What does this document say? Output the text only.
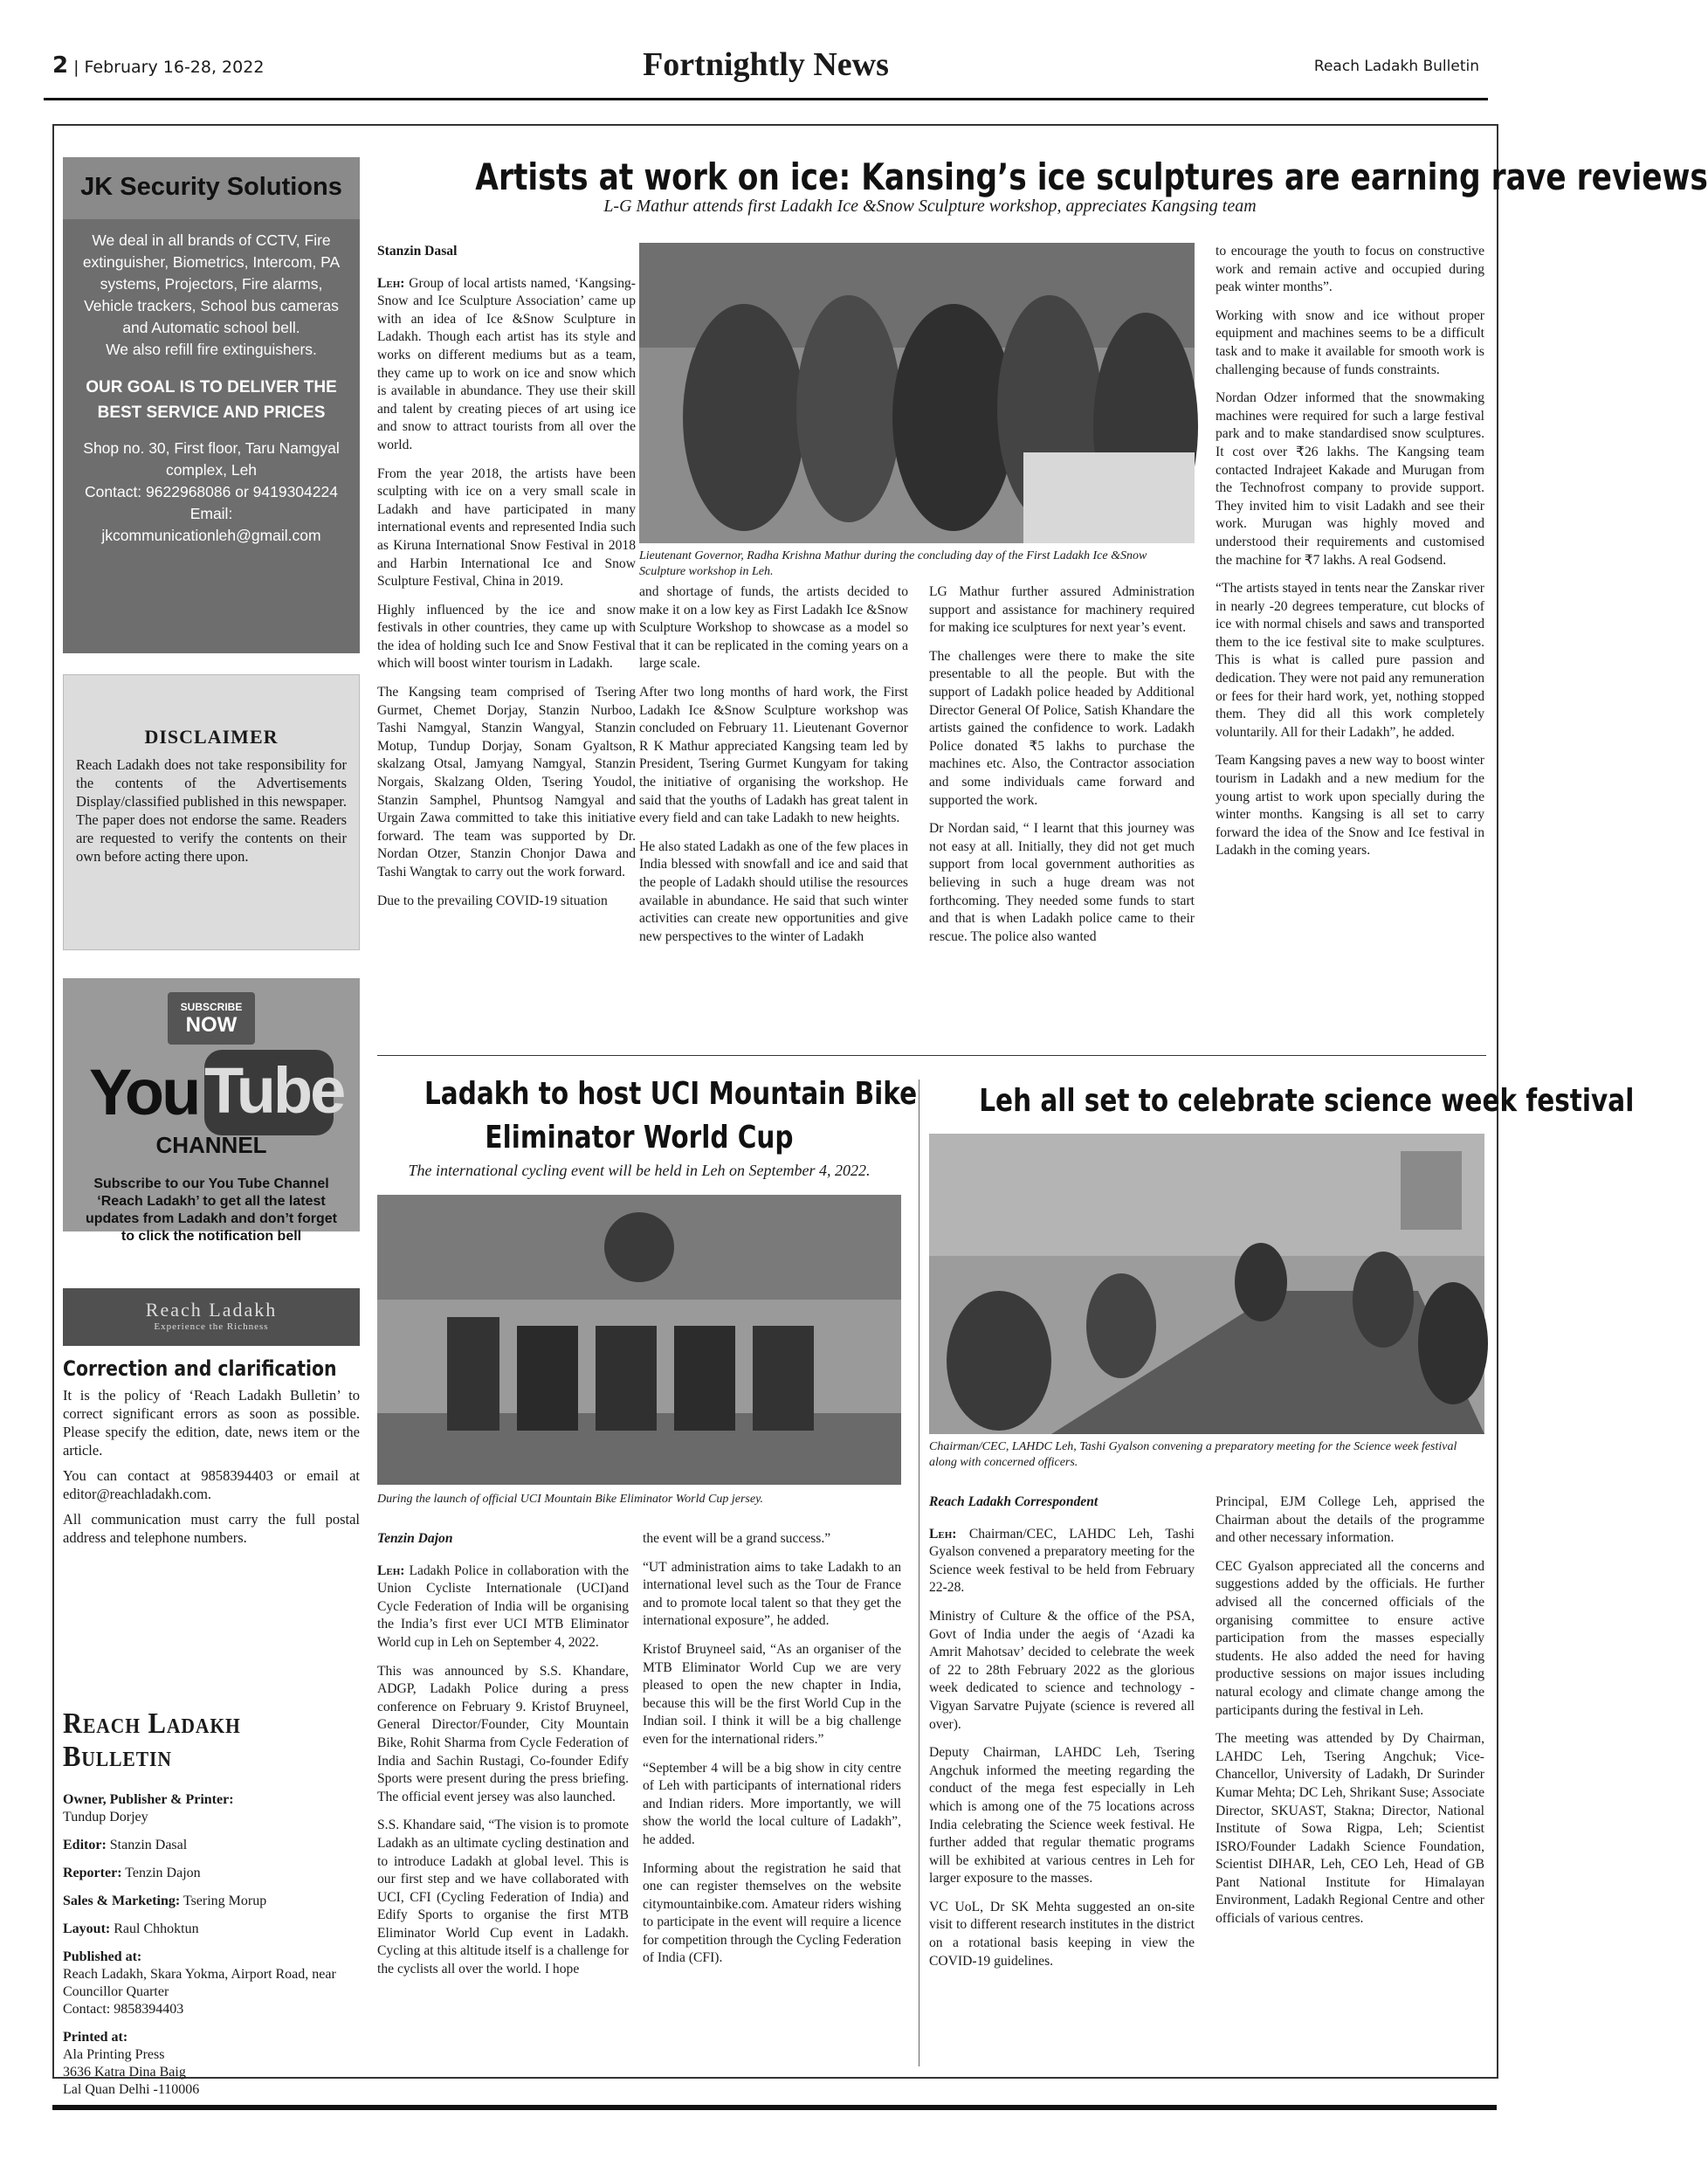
2 | February 16-28, 2022	Fortnightly News	Reach Ladakh Bulletin
JK Security Solutions

We deal in all brands of CCTV, Fire extinguisher, Biometrics, Intercom, PA systems, Projectors, Fire alarms, Vehicle trackers, School bus cameras and Automatic school bell.

We also refill fire extinguishers.

OUR GOAL IS TO DELIVER THE BEST SERVICE AND PRICES

Shop no. 30, First floor, Taru Namgyal complex, Leh

Contact: 9622968086 or 9419304224

Email:

jkcommunicationleh@gmail.com

DISCLAIMER

Reach Ladakh does not take responsibility for the contents of the Advertisements Display/classified published in this newspaper. The paper does not endorse the same. Readers are requested to verify the contents on their own before acting there upon.

SUBSCRIBE
NOW
You Tube
CHANNEL
Subscribe to our You Tube Channel ‘Reach Ladakh’ to get all the latest updates from Ladakh and don’t forget to click the notification bell
Reach Ladakh
Experience the Richness
Correction and clarification

It is the policy of ‘Reach Ladakh Bulletin’ to correct significant errors as soon as possible. Please specify the edition, date, news item or the article.

You can contact at 9858394403 or email at editor@reachladakh.com.

All communication must carry the full postal address and telephone numbers.

Reach Ladakh Bulletin

Owner, Publisher & Printer:

Tundup Dorjey

Editor: Stanzin Dasal

Reporter: Tenzin Dajon

Sales & Marketing: Tsering Morup

Layout: Raul Chhoktun

Published at:

Reach Ladakh, Skara Yokma, Airport Road, near Councillor Quarter

Contact: 9858394403

Printed at:

Ala Printing Press

3636 Katra Dina Baig

Lal Quan Delhi -110006

Artists at work on ice: Kansing’s ice sculptures are earning rave reviews
L-G Mathur attends first Ladakh Ice &Snow Sculpture workshop, appreciates Kangsing team

Stanzin Dasal

Leh: Group of local artists named, ‘Kangsing-Snow and Ice Sculpture Association’ came up with an idea of Ice &Snow Sculpture in Ladakh. Though each artist has its style and works on different mediums but as a team, they came up to work on ice and snow which is available in abundance. They use their skill and talent by creating pieces of art using ice and snow to attract tourists from all over the world.

From the year 2018, the artists have been sculpting with ice on a very small scale in Ladakh and have participated in many international events and represented India such as Kiruna International Snow Festival in 2018 and Harbin International Ice and Snow Sculpture Festival, China in 2019.

Highly influenced by the ice and snow festivals in other countries, they came up with the idea of holding such Ice and Snow Festival which will boost winter tourism in Ladakh.

The Kangsing team comprised of Tsering Gurmet, Chemet Dorjay, Stanzin Nurboo, Tashi Namgyal, Stanzin Wangyal, Stanzin Motup, Tundup Dorjay, Sonam Gyaltson, skalzang Otsal, Jamyang Namgyal, Stanzin Norgais, Skalzang Olden, Tsering Youdol, Stanzin Samphel, Phuntsog Namgyal and Urgain Zawa committed to take this initiative forward. The team was supported by Dr. Nordan Otzer, Stanzin Chonjor Dawa and Tashi Wangtak to carry out the work forward.

Due to the prevailing COVID-19 situation

Lieutenant Governor, Radha Krishna Mathur during the concluding day of the First Ladakh Ice &Snow Sculpture workshop in Leh.

and shortage of funds, the artists decided to make it on a low key as First Ladakh Ice &Snow Sculpture Workshop to showcase as a model so that it can be replicated in the coming years on a large scale.

After two long months of hard work, the First Ladakh Ice &Snow Sculpture workshop was concluded on February 11. Lieutenant Governor R K Mathur appreciated Kangsing team led by President, Tsering Gurmet Kungyam for taking the initiative of organising the workshop. He said that the youths of Ladakh has great talent in every field and can take Ladakh to new heights.

He also stated Ladakh as one of the few places in India blessed with snowfall and ice and said that the people of Ladakh should utilise the resources available in abundance. He said that such winter activities can create new opportunities and give new perspectives to the winter of Ladakh

LG Mathur further assured Administration support and assistance for machinery required for making ice sculptures for next year’s event.

The challenges were there to make the site presentable to all the people. But with the support of Ladakh police headed by Additional Director General Of Police, Satish Khandare the artists gained the confidence to work. Ladakh Police donated ₹5 lakhs to purchase the machines etc. Also, the Contractor association and some individuals came forward and supported the work.

Dr Nordan said, “ I learnt that this journey was not easy at all. Initially, they did not get much support from local government authorities as believing in such a huge dream was not forthcoming. They needed some funds to start and that is when Ladakh police came to their rescue. The police also wanted

to encourage the youth to focus on constructive work and remain active and occupied during peak winter months”.

Working with snow and ice without proper equipment and machines seems to be a difficult task and to make it available for smooth work is challenging because of funds constraints.

Nordan Odzer informed that the snowmaking machines were required for such a large festival park and to make standardised snow sculptures. It cost over ₹26 lakhs. The Kangsing team contacted Indrajeet Kakade and Murugan from the Technofrost company to provide support. They invited him to visit Ladakh and see their work. Murugan was highly moved and understood their requirements and customised the machine for ₹7 lakhs. A real Godsend.

“The artists stayed in tents near the Zanskar river in nearly -20 degrees temperature, cut blocks of ice with normal chisels and saws and transported them to the ice festival site to make sculptures. This is what is called pure passion and dedication. They were not paid any remuneration or fees for their hard work, yet, nothing stopped them. They did all this work completely voluntarily. All for their Ladakh”, he added.

Team Kangsing paves a new way to boost winter tourism in Ladakh and a new medium for the young artist to work upon specially during the winter months. Kangsing is all set to carry forward the idea of the Snow and Ice festival in Ladakh in the coming years.

Ladakh to host UCI Mountain Bike
Eliminator World Cup
The international cycling event will be held in Leh on September 4, 2022.
During the launch of official UCI Mountain Bike Eliminator World Cup jersey.

Tenzin Dajon

Leh: Ladakh Police in collaboration with the Union Cycliste Internationale (UCI)and Cycle Federation of India will be organising the India’s first ever UCI MTB Eliminator World cup in Leh on September 4, 2022.

This was announced by S.S. Khandare, ADGP, Ladakh Police during a press conference on February 9. Kristof Bruyneel, General Director/Founder, City Mountain Bike, Rohit Sharma from Cycle Federation of India and Sachin Rustagi, Co-founder Edify Sports were present during the press briefing. The official event jersey was also launched.

S.S. Khandare said, “The vision is to promote Ladakh as an ultimate cycling destination and to introduce Ladakh at global level. This is our first step and we have collaborated with UCI, CFI (Cycling Federation of India) and Edify Sports to organise the first MTB Eliminator World Cup event in Ladakh. Cycling at this altitude itself is a challenge for the cyclists all over the world. I hope

the event will be a grand success.”

“UT administration aims to take Ladakh to an international level such as the Tour de France and to promote local talent so that they get the international exposure”, he added.

Kristof Bruyneel said, “As an organiser of the MTB Eliminator World Cup we are very pleased to open the new chapter in India, because this will be the first World Cup in the Indian soil. I think it will be a big challenge even for the international riders.”

“September 4 will be a big show in city centre of Leh with participants of international riders and Indian riders. More importantly, we will show the world the local culture of Ladakh”, he added.

Informing about the registration he said that one can register themselves on the website citymountainbike.com. Amateur riders wishing to participate in the event will require a licence for competition through the Cycling Federation of India (CFI).

Leh all set to celebrate science week festival
Chairman/CEC, LAHDC Leh, Tashi Gyalson convening a preparatory meeting for the Science week festival along with concerned officers.

Reach Ladakh Correspondent

Leh: Chairman/CEC, LAHDC Leh, Tashi Gyalson convened a preparatory meeting for the Science week festival to be held from February 22-28.

Ministry of Culture & the office of the PSA, Govt of India under the aegis of ‘Azadi ka Amrit Mahotsav’ decided to celebrate the week of 22 to 28th February 2022 as the glorious week dedicated to science and technology - Vigyan Sarvatre Pujyate (science is revered all over).

Deputy Chairman, LAHDC Leh, Tsering Angchuk informed the meeting regarding the conduct of the mega fest especially in Leh which is among one of the 75 locations across India celebrating the Science week festival. He further added that regular thematic programs will be exhibited at various centres in Leh for larger exposure to the masses.

VC UoL, Dr SK Mehta suggested an on-site visit to different research institutes in the district on a rotational basis keeping in view the COVID-19 guidelines.

Principal, EJM College Leh, apprised the Chairman about the details of the programme and other necessary information.

CEC Gyalson appreciated all the concerns and suggestions added by the officials. He further advised all the concerned officials of the organising committee to ensure active participation from the masses especially students. He also added the need for having productive sessions on major issues including natural ecology and climate change among the participants during the festival in Leh.

The meeting was attended by Dy Chairman, LAHDC Leh, Tsering Angchuk; Vice-Chancellor, University of Ladakh, Dr Surinder Kumar Mehta; DC Leh, Shrikant Suse; Associate Director, SKUAST, Stakna; Director, National Institute of Sowa Rigpa, Leh; Scientist ISRO/Founder Ladakh Science Foundation, Scientist DIHAR, Leh, CEO Leh, Head of GB Pant National Institute for Himalayan Environment, Ladakh Regional Centre and other officials of various centres.
